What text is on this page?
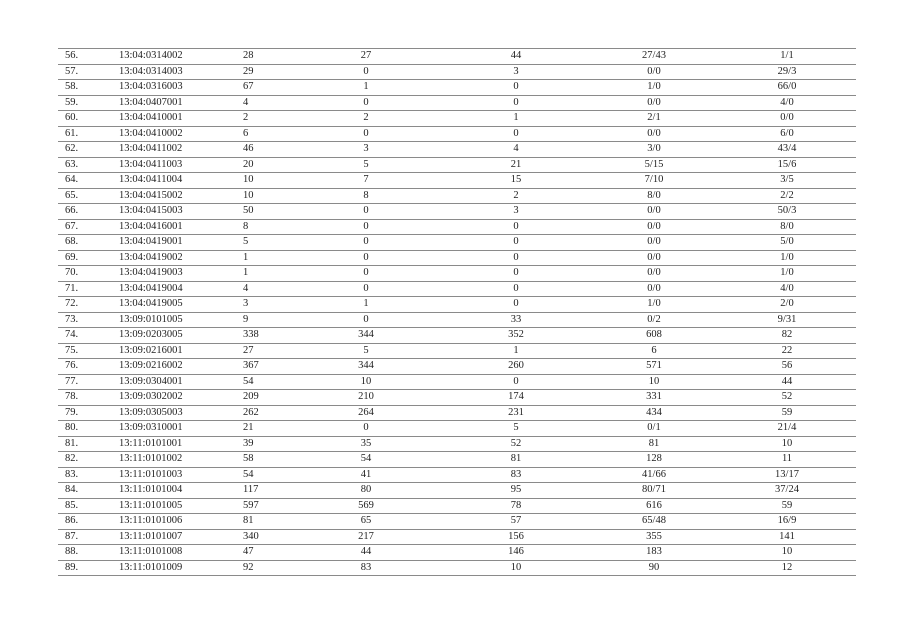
56.	13:04:0314002	28	27	44	27/43	1/1
57.	13:04:0314003	29	0	3	0/0	29/3
58.	13:04:0316003	67	1	0	1/0	66/0
59.	13:04:0407001	4	0	0	0/0	4/0
60.	13:04:0410001	2	2	1	2/1	0/0
61.	13:04:0410002	6	0	0	0/0	6/0
62.	13:04:0411002	46	3	4	3/0	43/4
63.	13:04:0411003	20	5	21	5/15	15/6
64.	13:04:0411004	10	7	15	7/10	3/5
65.	13:04:0415002	10	8	2	8/0	2/2
66.	13:04:0415003	50	0	3	0/0	50/3
67.	13:04:0416001	8	0	0	0/0	8/0
68.	13:04:0419001	5	0	0	0/0	5/0
69.	13:04:0419002	1	0	0	0/0	1/0
70.	13:04:0419003	1	0	0	0/0	1/0
71.	13:04:0419004	4	0	0	0/0	4/0
72.	13:04:0419005	3	1	0	1/0	2/0
73.	13:09:0101005	9	0	33	0/2	9/31
74.	13:09:0203005	338	344	352	608	82
75.	13:09:0216001	27	5	1	6	22
76.	13:09:0216002	367	344	260	571	56
77.	13:09:0304001	54	10	0	10	44
78.	13:09:0302002	209	210	174	331	52
79.	13:09:0305003	262	264	231	434	59
80.	13:09:0310001	21	0	5	0/1	21/4
81.	13:11:0101001	39	35	52	81	10
82.	13:11:0101002	58	54	81	128	11
83.	13:11:0101003	54	41	83	41/66	13/17
84.	13:11:0101004	117	80	95	80/71	37/24
85.	13:11:0101005	597	569	78	616	59
86.	13:11:0101006	81	65	57	65/48	16/9
87.	13:11:0101007	340	217	156	355	141
88.	13:11:0101008	47	44	146	183	10
89.	13:11:0101009	92	83	10	90	12
